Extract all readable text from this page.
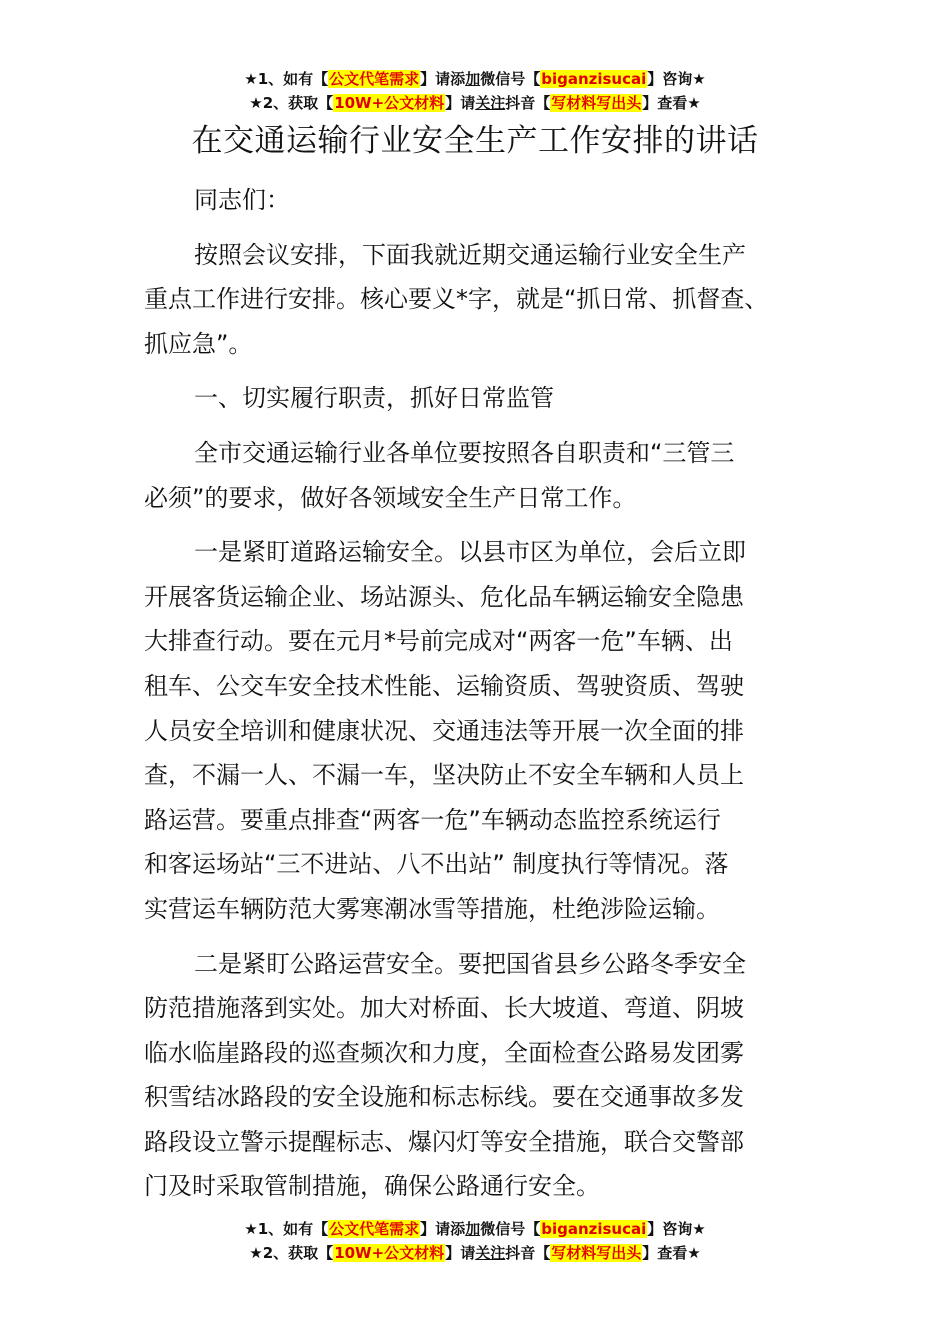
★1、如有【公文代笔需求】请添加微信号【biganzisucai】咨询★
★2、获取【10W+公文材料】请关注抖音【写材料写出头】查看★
在交通运输行业安全生产工作安排的讲话

同志们：

按照会议安排，下面我就近期交通运输行业安全生产
重点工作进行安排。核心要义*字，就是“抓日常、抓督查、
抓应急”。

一、切实履行职责，抓好日常监管

全市交通运输行业各单位要按照各自职责和“三管三
必须”的要求，做好各领域安全生产日常工作。

一是紧盯道路运输安全。以县市区为单位，会后立即
开展客货运输企业、场站源头、危化品车辆运输安全隐患
大排查行动。要在元月*号前完成对“两客一危”车辆、出
租车、公交车安全技术性能、运输资质、驾驶资质、驾驶
人员安全培训和健康状况、交通违法等开展一次全面的排
查，不漏一人、不漏一车，坚决防止不安全车辆和人员上
路运营。要重点排查“两客一危”车辆动态监控系统运行
和客运场站“三不进站、八不出站” 制度执行等情况。落
实营运车辆防范大雾寒潮冰雪等措施，杜绝涉险运输。

二是紧盯公路运营安全。要把国省县乡公路冬季安全
防范措施落到实处。加大对桥面、长大坡道、弯道、阴坡
临水临崖路段的巡查频次和力度，全面检查公路易发团雾
积雪结冰路段的安全设施和标志标线。要在交通事故多发
路段设立警示提醒标志、爆闪灯等安全措施，联合交警部
门及时采取管制措施，确保公路通行安全。

★1、如有【公文代笔需求】请添加微信号【biganzisucai】咨询★
★2、获取【10W+公文材料】请关注抖音【写材料写出头】查看★
